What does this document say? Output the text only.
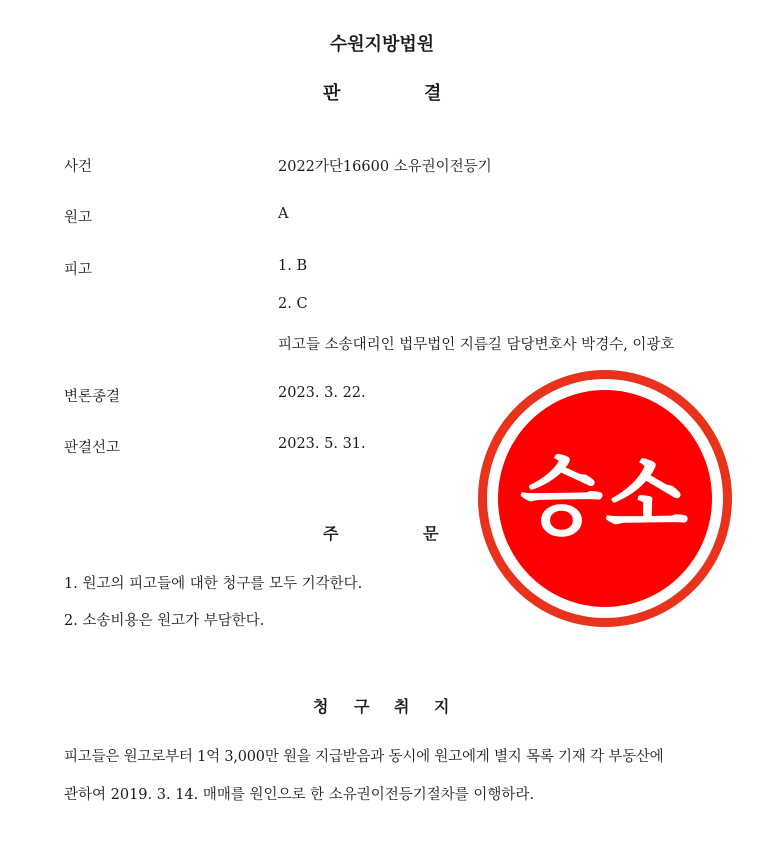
수원지방법원
판	결
사건	2022가단16600 소유권이전등기
원고	A
피고	1. B
2. C
피고들 소송대리인 법무법인 지름길 담당변호사 박경수, 이광호
변론종결	2023. 3. 22.
판결선고	2023. 5. 31.
주	문
1. 원고의 피고들에 대한 청구를 모두 기각한다.
2. 소송비용은 원고가 부담한다.
청 구 취 지
피고들은 원고로부터 1억 3,000만 원을 지급받음과 동시에 원고에게 별지 목록 기재 각 부동산에
관하여 2019. 3. 14. 매매를 원인으로 한 소유권이전등기절차를 이행하라.
승소
